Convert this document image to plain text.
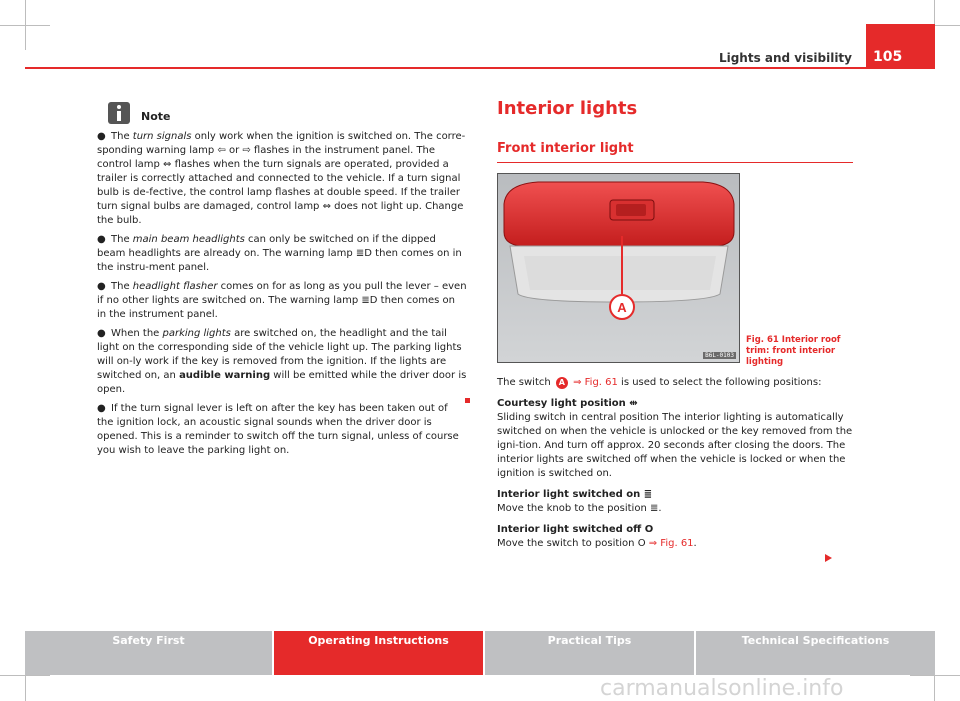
Lights and visibility	105
Note

● The turn signals only work when the ignition is switched on. The corre-sponding warning lamp ⇦ or ⇨ flashes in the instrument panel. The control lamp ⇔ flashes when the turn signals are operated, provided a trailer is correctly attached and connected to the vehicle. If a turn signal bulb is de-fective, the control lamp flashes at double speed. If the trailer turn signal bulbs are damaged, control lamp ⇔ does not light up. Change the bulb.

● The main beam headlights can only be switched on if the dipped beam headlights are already on. The warning lamp ≣D then comes on in the instru-ment panel.

● The headlight flasher comes on for as long as you pull the lever – even if no other lights are switched on. The warning lamp ≣D then comes on in the instrument panel.

● When the parking lights are switched on, the headlight and the tail light on the corresponding side of the vehicle light up. The parking lights will on-ly work if the key is removed from the ignition. If the lights are switched on, an audible warning will be emitted while the driver door is open.

● If the turn signal lever is left on after the key has been taken out of the ignition lock, an acoustic signal sounds when the driver door is opened. This is a reminder to switch off the turn signal, unless of course you wish to leave the parking light on.

Interior lights
Front interior light
A
B6L-0103
Fig. 61 Interior roof trim: front interior lighting

The switch A ⇒ Fig. 61 is used to select the following positions:

Courtesy light position ⇹

Sliding switch in central position The interior lighting is automatically switched on when the vehicle is unlocked or the key removed from the igni-tion. And turn off approx. 20 seconds after closing the doors. The interior lights are switched off when the vehicle is locked or when the ignition is switched on.

Interior light switched on ≣

Move the knob to the position ≣.

Interior light switched off O

Move the switch to position O ⇒ Fig. 61.

Safety First	Operating Instructions	Practical Tips	Technical Specifications
carmanualsonline.info
